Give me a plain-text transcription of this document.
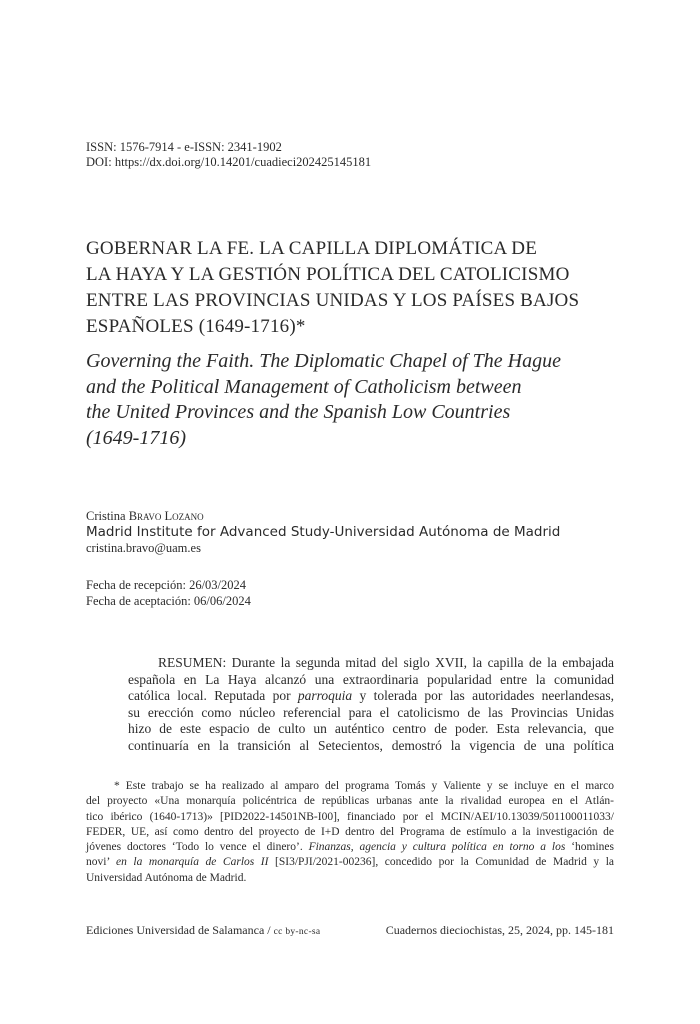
ISSN: 1576-7914 - e-ISSN: 2341-1902
DOI: https://dx.doi.org/10.14201/cuadieci202425145181
GOBERNAR LA FE. LA CAPILLA DIPLOMÁTICA DE
LA HAYA Y LA GESTIÓN POLÍTICA DEL CATOLICISMO
ENTRE LAS PROVINCIAS UNIDAS Y LOS PAÍSES BAJOS
ESPAÑOLES (1649-1716)*
Governing the Faith. The Diplomatic Chapel of The Hague
and the Political Management of Catholicism between
the United Provinces and the Spanish Low Countries
(1649-1716)
Cristina Bravo Lozano
Madrid Institute for Advanced Study-Universidad Autónoma de Madrid
cristina.bravo@uam.es
Fecha de recepción: 26/03/2024
Fecha de aceptación: 06/06/2024
RESUMEN: Durante la segunda mitad del siglo XVII, la capilla de la embajada
española en La Haya alcanzó una extraordinaria popularidad entre la comunidad
católica local. Reputada por parroquia y tolerada por las autoridades neerlandesas,
su erección como núcleo referencial para el catolicismo de las Provincias Unidas
hizo de este espacio de culto un auténtico centro de poder. Esta relevancia, que
continuaría en la transición al Setecientos, demostró la vigencia de una política
* Este trabajo se ha realizado al amparo del programa Tomás y Valiente y se incluye en el marco
del proyecto «Una monarquía policéntrica de repúblicas urbanas ante la rivalidad europea en el Atlán-
tico ibérico (1640-1713)» [PID2022-14501NB-I00], financiado por el MCIN/AEI/10.13039/501100011033/
FEDER, UE, así como dentro del proyecto de I+D dentro del Programa de estímulo a la investigación de
jóvenes doctores ‘Todo lo vence el dinero’. Finanzas, agencia y cultura política en torno a los ‘homines
novi’ en la monarquía de Carlos II [SI3/PJI/2021-00236], concedido por la Comunidad de Madrid y la
Universidad Autónoma de Madrid.
Ediciones Universidad de Salamanca / cc by-nc-sa	Cuadernos dieciochistas, 25, 2024, pp. 145-181
